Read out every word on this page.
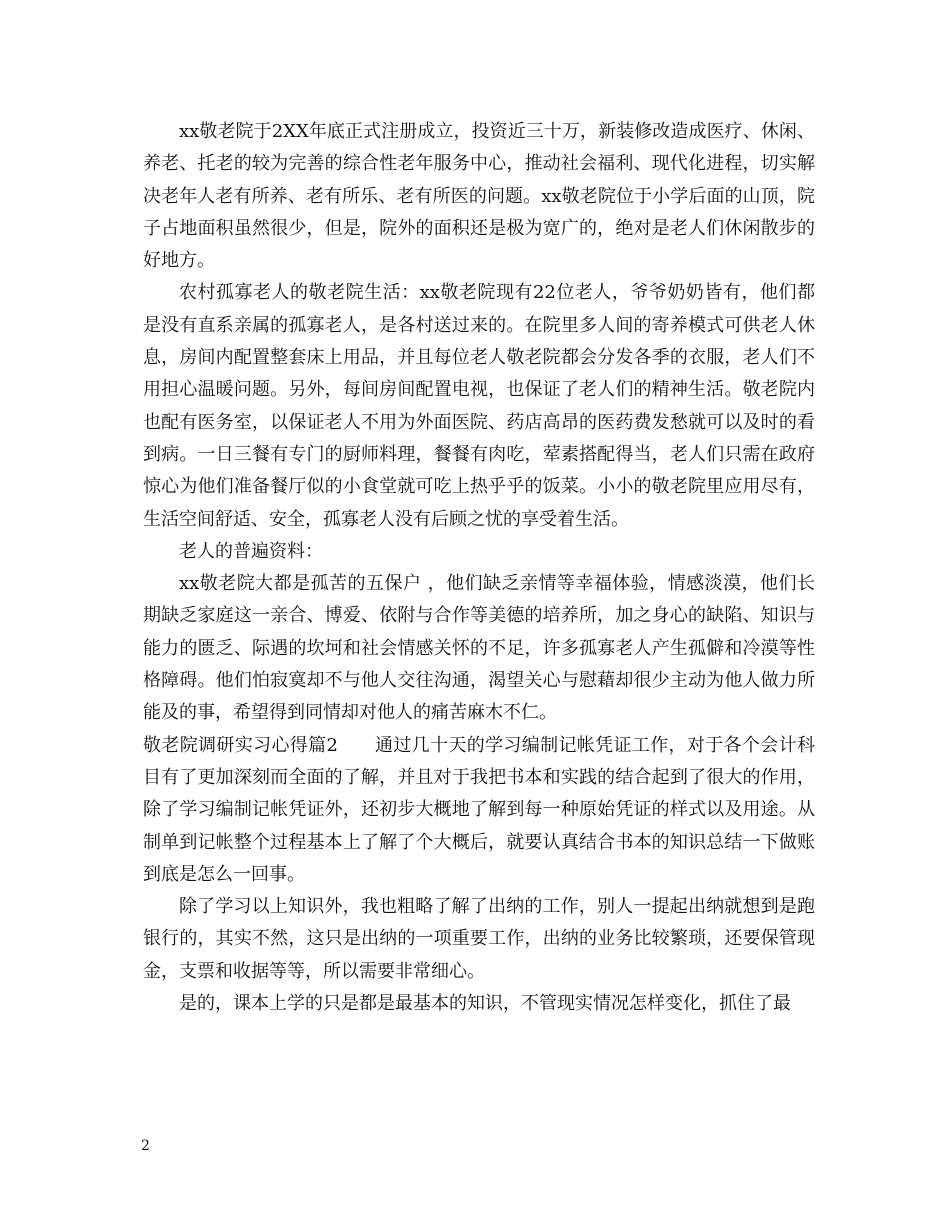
xx敬老院于2XX年底正式注册成立，投资近三十万，新装修改造成医疗、休闲、养老、托老的较为完善的综合性老年服务中心，推动社会福利、现代化进程，切实解决老年人老有所养、老有所乐、老有所医的问题。xx敬老院位于小学后面的山顶，院子占地面积虽然很少，但是，院外的面积还是极为宽广的，绝对是老人们休闲散步的好地方。

农村孤寡老人的敬老院生活：xx敬老院现有22位老人，爷爷奶奶皆有，他们都是没有直系亲属的孤寡老人，是各村送过来的。在院里多人间的寄养模式可供老人休息，房间内配置整套床上用品，并且每位老人敬老院都会分发各季的衣服，老人们不用担心温暖问题。另外，每间房间配置电视，也保证了老人们的精神生活。敬老院内也配有医务室，以保证老人不用为外面医院、药店高昂的医药费发愁就可以及时的看到病。一日三餐有专门的厨师料理，餐餐有肉吃，荤素搭配得当，老人们只需在政府惊心为他们准备餐厅似的小食堂就可吃上热乎乎的饭菜。小小的敬老院里应用尽有，生活空间舒适、安全，孤寡老人没有后顾之忧的享受着生活。

老人的普遍资料：

xx敬老院大都是孤苦的五保户 ，他们缺乏亲情等幸福体验，情感淡漠，他们长期缺乏家庭这一亲合、博爱、依附与合作等美德的培养所，加之身心的缺陷、知识与能力的匮乏、际遇的坎坷和社会情感关怀的不足，许多孤寡老人产生孤僻和冷漠等性格障碍。他们怕寂寞却不与他人交往沟通，渴望关心与慰藉却很少主动为他人做力所能及的事，希望得到同情却对他人的痛苦麻木不仁。

敬老院调研实习心得篇2　　通过几十天的学习编制记帐凭证工作，对于各个会计科目有了更加深刻而全面的了解，并且对于我把书本和实践的结合起到了很大的作用，除了学习编制记帐凭证外，还初步大概地了解到每一种原始凭证的样式以及用途。从制单到记帐整个过程基本上了解了个大概后，就要认真结合书本的知识总结一下做账到底是怎么一回事。

除了学习以上知识外，我也粗略了解了出纳的工作，别人一提起出纳就想到是跑银行的，其实不然，这只是出纳的一项重要工作，出纳的业务比较繁琐，还要保管现金，支票和收据等等，所以需要非常细心。

是的，课本上学的只是都是最基本的知识，不管现实情况怎样变化，抓住了最

2
